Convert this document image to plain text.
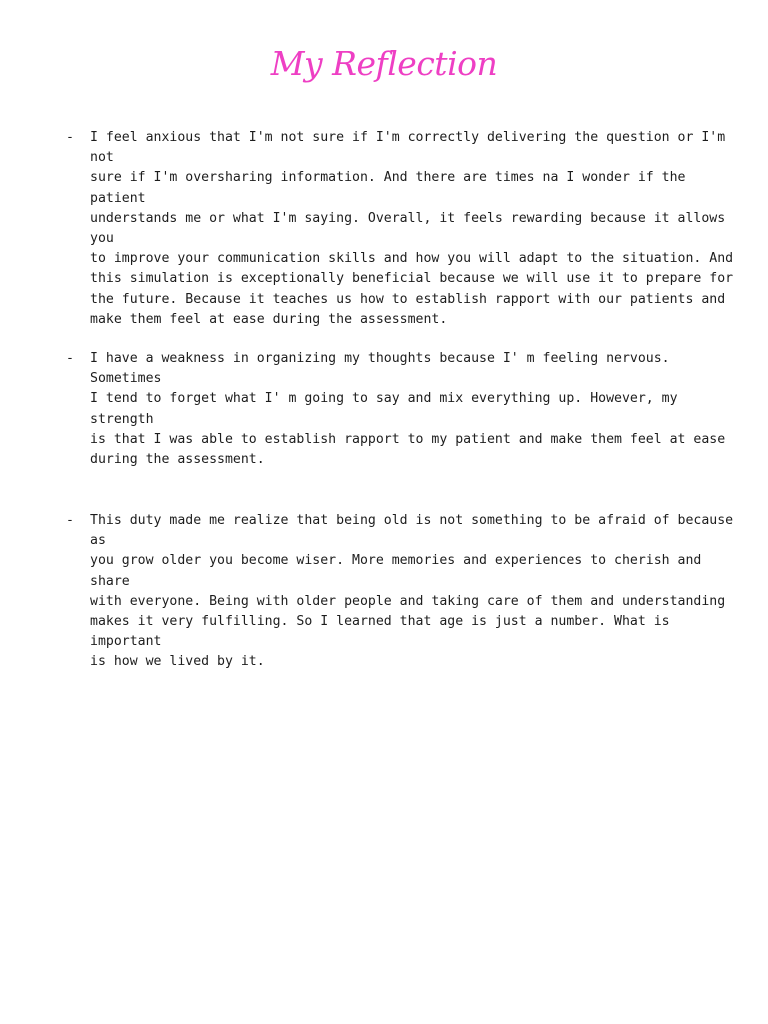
My Reflection
- I feel anxious that I'm not sure if I'm correctly delivering the question or I'm not
sure if I'm oversharing information. And there are times na I wonder if the patient
understands me or what I'm saying. Overall, it feels rewarding because it allows you
to improve your communication skills and how you will adapt to the situation. And
this simulation is exceptionally beneficial because we will use it to prepare for
the future. Because it teaches us how to establish rapport with our patients and
make them feel at ease during the assessment.
- I have a weakness in organizing my thoughts because I' m feeling nervous. Sometimes
I tend to forget what I' m going to say and mix everything up. However, my strength
is that I was able to establish rapport to my patient and make them feel at ease
during the assessment.
- This duty made me realize that being old is not something to be afraid of because as
you grow older you become wiser. More memories and experiences to cherish and share
with everyone. Being with older people and taking care of them and understanding
makes it very fulfilling. So I learned that age is just a number. What is important
is how we lived by it.
